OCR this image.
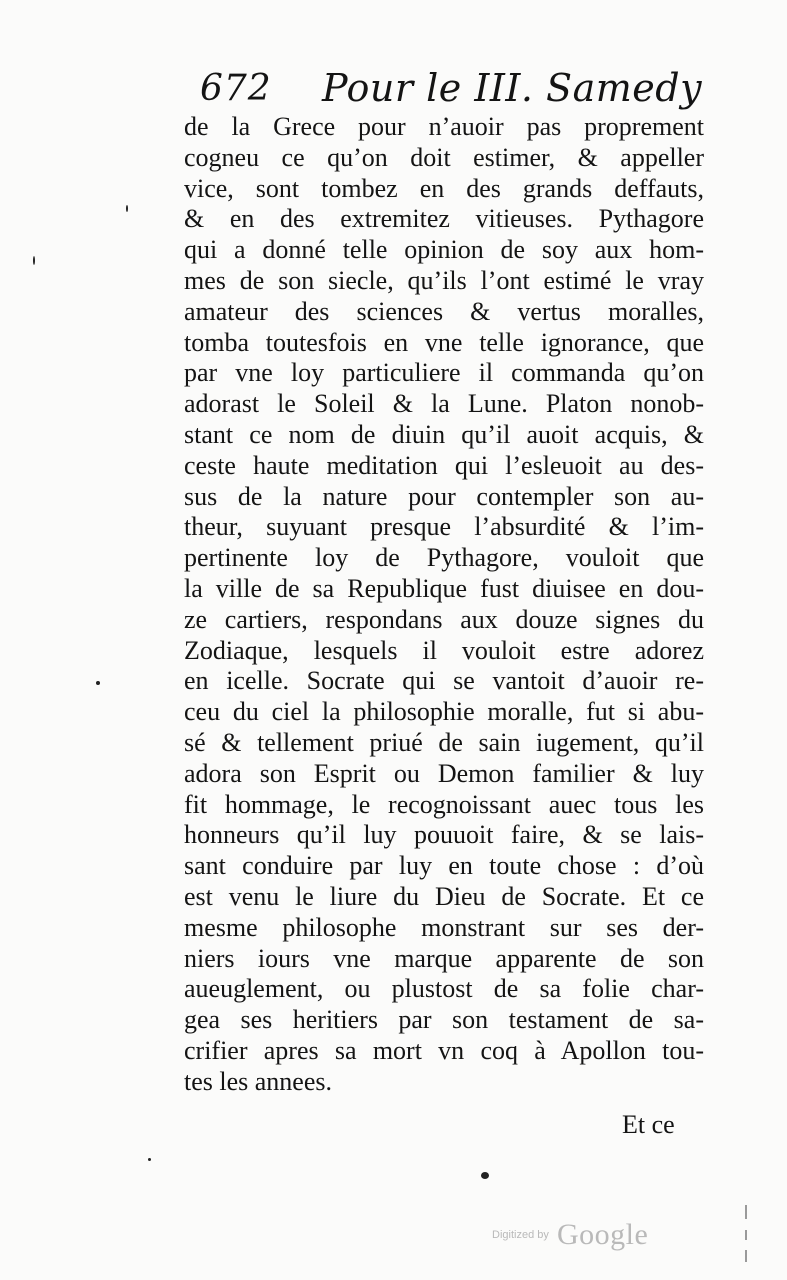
672 Pour le III. Samedy
de la Grece pour n’auoir pas proprement
cogneu ce qu’on doit estimer, & appeller
vice, sont tombez en des grands deffauts,
& en des extremitez vitieuses. Pythagore
qui a donné telle opinion de soy aux hom-
mes de son siecle, qu’ils l’ont estimé le vray
amateur des sciences & vertus moralles,
tomba toutesfois en vne telle ignorance, que
par vne loy particuliere il commanda qu’on
adorast le Soleil & la Lune. Platon nonob-
stant ce nom de diuin qu’il auoit acquis, &
ceste haute meditation qui l’esleuoit au des-
sus de la nature pour contempler son au-
theur, suyuant presque l’absurdité & l’im-
pertinente loy de Pythagore, vouloit que
la ville de sa Republique fust diuisee en dou-
ze cartiers, respondans aux douze signes du
Zodiaque, lesquels il vouloit estre adorez
en icelle. Socrate qui se vantoit d’auoir re-
ceu du ciel la philosophie moralle, fut si abu-
sé & tellement priué de sain iugement, qu’il
adora son Esprit ou Demon familier & luy
fit hommage, le recognoissant auec tous les
honneurs qu’il luy pouuoit faire, & se lais-
sant conduire par luy en toute chose : d’où
est venu le liure du Dieu de Socrate. Et ce
mesme philosophe monstrant sur ses der-
niers iours vne marque apparente de son
aueuglement, ou plustost de sa folie char-
gea ses heritiers par son testament de sa-
crifier apres sa mort vn coq à Apollon tou-
tes les annees.
Et ce
Digitized by Google
